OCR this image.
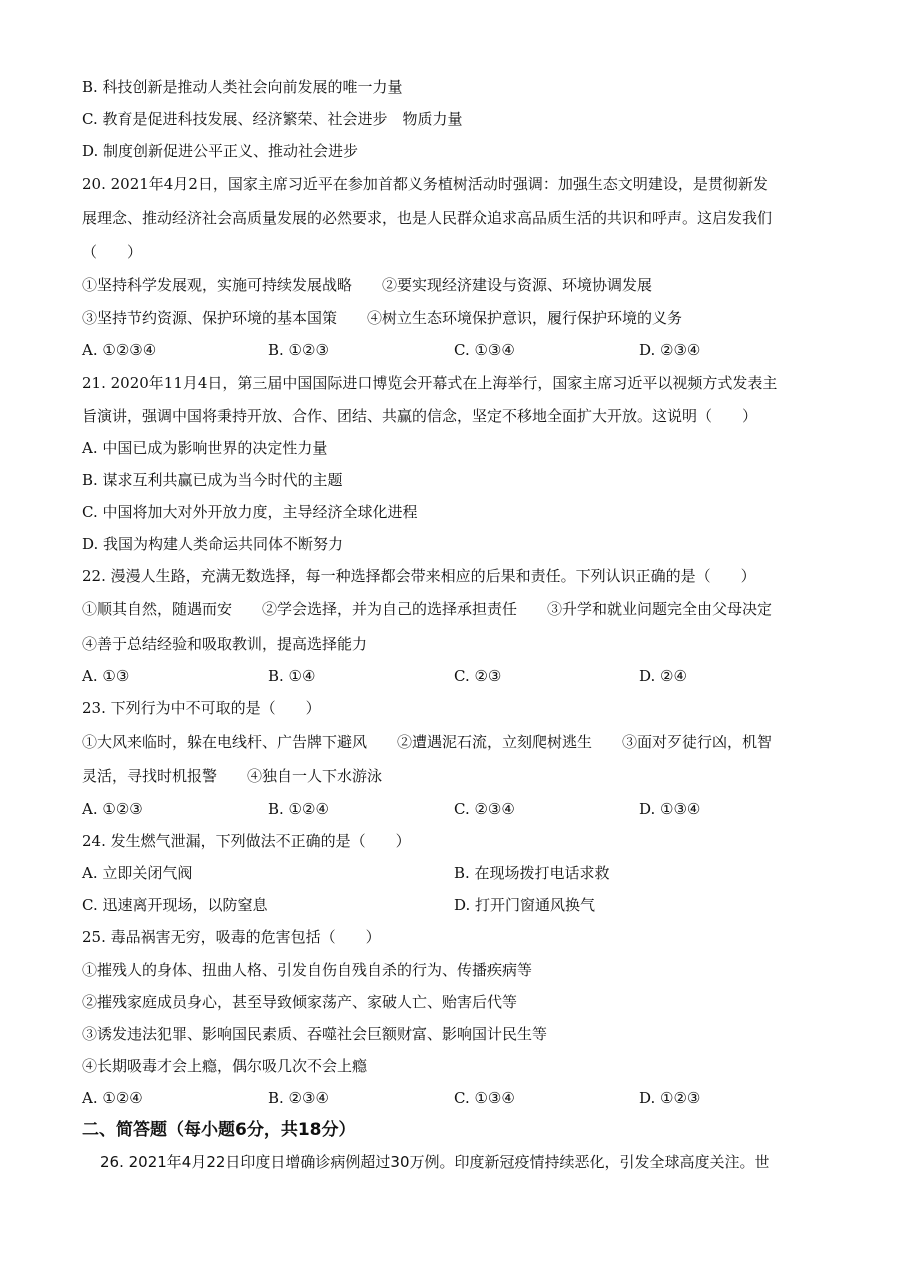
B. 科技创新是推动人类社会向前发展的唯一力量
C. 教育是促进科技发展、经济繁荣、社会进步　物质力量
D. 制度创新促进公平正义、推动社会进步
20. 2021年4月2日，国家主席习近平在参加首都义务植树活动时强调：加强生态文明建设，是贯彻新发
展理念、推动经济社会高质量发展的必然要求，也是人民群众追求高品质生活的共识和呼声。这启发我们
（　　）
①坚持科学发展观，实施可持续发展战略　　②要实现经济建设与资源、环境协调发展
③坚持节约资源、保护环境的基本国策　　④树立生态环境保护意识，履行保护环境的义务
A. ①②③④	B. ①②③	C. ①③④	D. ②③④
21. 2020年11月4日，第三届中国国际进口博览会开幕式在上海举行，国家主席习近平以视频方式发表主
旨演讲，强调中国将秉持开放、合作、团结、共赢的信念，坚定不移地全面扩大开放。这说明（　　）
A. 中国已成为影响世界的决定性力量
B. 谋求互利共赢已成为当今时代的主题
C. 中国将加大对外开放力度，主导经济全球化进程
D. 我国为构建人类命运共同体不断努力
22. 漫漫人生路，充满无数选择，每一种选择都会带来相应的后果和责任。下列认识正确的是（　　）
①顺其自然，随遇而安　　②学会选择，并为自己的选择承担责任　　③升学和就业问题完全由父母决定
④善于总结经验和吸取教训，提高选择能力
A. ①③	B. ①④	C. ②③	D. ②④
23. 下列行为中不可取的是（　　）
①大风来临时，躲在电线杆、广告牌下避风　　②遭遇泥石流，立刻爬树逃生　　③面对歹徒行凶，机智
灵活，寻找时机报警　　④独自一人下水游泳
A. ①②③	B. ①②④	C. ②③④	D. ①③④
24. 发生燃气泄漏，下列做法不正确的是（　　）
A. 立即关闭气阀	B. 在现场拨打电话求救
C. 迅速离开现场，以防窒息	D. 打开门窗通风换气
25. 毒品祸害无穷，吸毒的危害包括（　　）
①摧残人的身体、扭曲人格、引发自伤自残自杀的行为、传播疾病等
②摧残家庭成员身心，甚至导致倾家荡产、家破人亡、贻害后代等
③诱发违法犯罪、影响国民素质、吞噬社会巨额财富、影响国计民生等
④长期吸毒才会上瘾，偶尔吸几次不会上瘾
A. ①②④	B. ②③④	C. ①③④	D. ①②③
二、简答题（每小题6分，共18分）
26. 2021年4月22日印度日增确诊病例超过30万例。印度新冠疫情持续恶化，引发全球高度关注。世
